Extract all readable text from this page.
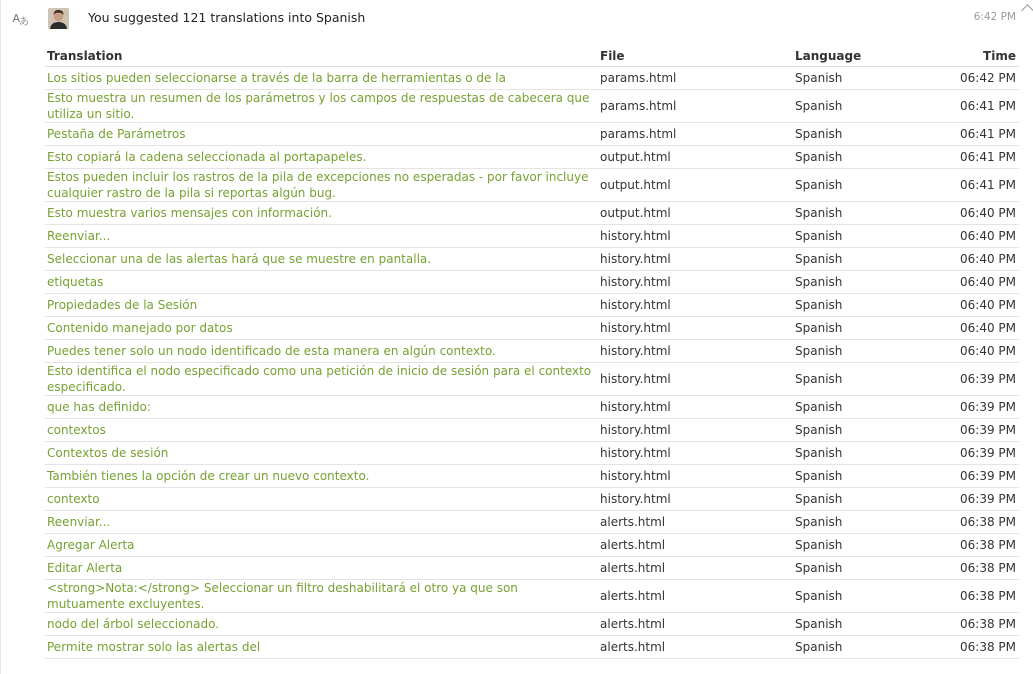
A
あ	You suggested 121 translations into Spanish	6:42 PM
Translation	File	Language	Time
Los sitios pueden seleccionarse a través de la barra de herramientas o de la	params.html	Spanish	06:42 PM
Esto muestra un resumen de los parámetros y los campos de respuestas de cabecera que utiliza un sitio.	params.html	Spanish	06:41 PM
Pestaña de Parámetros	params.html	Spanish	06:41 PM
Esto copiará la cadena seleccionada al portapapeles.	output.html	Spanish	06:41 PM
Estos pueden incluir los rastros de la pila de excepciones no esperadas - por favor incluye cualquier rastro de la pila si reportas algún bug.	output.html	Spanish	06:41 PM
Esto muestra varios mensajes con información.	output.html	Spanish	06:40 PM
Reenviar...	history.html	Spanish	06:40 PM
Seleccionar una de las alertas hará que se muestre en pantalla.	history.html	Spanish	06:40 PM
etiquetas	history.html	Spanish	06:40 PM
Propiedades de la Sesión	history.html	Spanish	06:40 PM
Contenido manejado por datos	history.html	Spanish	06:40 PM
Puedes tener solo un nodo identificado de esta manera en algún contexto.	history.html	Spanish	06:40 PM
Esto identifica el nodo especificado como una petición de inicio de sesión para el contexto especificado.	history.html	Spanish	06:39 PM
que has definido:	history.html	Spanish	06:39 PM
contextos	history.html	Spanish	06:39 PM
Contextos de sesión	history.html	Spanish	06:39 PM
También tienes la opción de crear un nuevo contexto.	history.html	Spanish	06:39 PM
contexto	history.html	Spanish	06:39 PM
Reenviar...	alerts.html	Spanish	06:38 PM
Agregar Alerta	alerts.html	Spanish	06:38 PM
Editar Alerta	alerts.html	Spanish	06:38 PM
<strong>Nota:</strong> Seleccionar un filtro deshabilitará el otro ya que son mutuamente excluyentes.	alerts.html	Spanish	06:38 PM
nodo del árbol seleccionado.	alerts.html	Spanish	06:38 PM
Permite mostrar solo las alertas del	alerts.html	Spanish	06:38 PM
